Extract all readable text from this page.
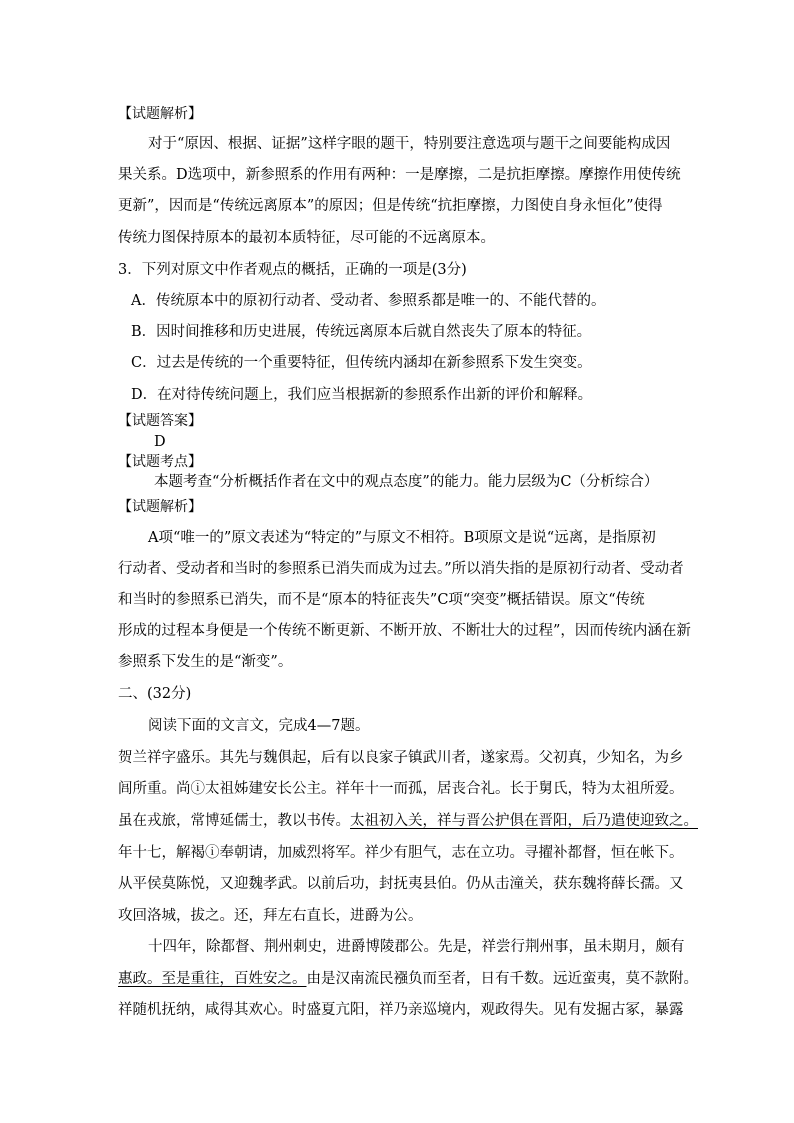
【试题解析】
对于“原因、根据、证据”这样字眼的题干，特别要注意选项与题干之间要能构成因
果关系。D选项中，新参照系的作用有两种：一是摩擦，二是抗拒摩擦。摩擦作用使传统
更新”，因而是“传统远离原本”的原因；但是传统“抗拒摩擦，力图使自身永恒化”使得
传统力图保持原本的最初本质特征，尽可能的不远离原本。
3．下列对原文中作者观点的概括，正确的一项是(3分)
A．传统原本中的原初行动者、受动者、参照系都是唯一的、不能代替的。
B．因时间推移和历史进展，传统远离原本后就自然丧失了原本的特征。
C．过去是传统的一个重要特征，但传统内涵却在新参照系下发生突变。
D．在对待传统问题上，我们应当根据新的参照系作出新的评价和解释。
【试题答案】
D
【试题考点】
本题考查“分析概括作者在文中的观点态度”的能力。能力层级为C（分析综合）
【试题解析】
A项“唯一的”原文表述为“特定的”与原文不相符。B项原文是说“远离，是指原初
行动者、受动者和当时的参照系已消失而成为过去。”所以消失指的是原初行动者、受动者
和当时的参照系已消失，而不是“原本的特征丧失”C项“突变”概括错误。原文“传统
形成的过程本身便是一个传统不断更新、不断开放、不断壮大的过程”，因而传统内涵在新
参照系下发生的是“渐变”。
二、(32分)
阅读下面的文言文，完成4—7题。
贺兰祥字盛乐。其先与魏俱起，后有以良家子镇武川者，遂家焉。父初真，少知名，为乡
闾所重。尚ⓘ太祖姊建安长公主。祥年十一而孤，居丧合礼。长于舅氏，特为太祖所爱。
虽在戎旅，常博延儒士，教以书传。太祖初入关，祥与晋公护俱在晋阳，后乃遣使迎致之。
年十七，解褐ⓘ奉朝请，加威烈将军。祥少有胆气，志在立功。寻擢补都督，恒在帐下。
从平侯莫陈悦，又迎魏孝武。以前后功，封抚夷县伯。仍从击潼关，获东魏将薛长孺。又
攻回洛城，拔之。还，拜左右直长，进爵为公。
十四年，除都督、荆州刺史，进爵博陵郡公。先是，祥尝行荆州事，虽未期月，颇有
惠政。至是重往，百姓安之。由是汉南流民襁负而至者，日有千数。远近蛮夷，莫不款附。
祥随机抚纳，咸得其欢心。时盛夏亢阳，祥乃亲巡境内，观政得失。见有发掘古冢，暴露
